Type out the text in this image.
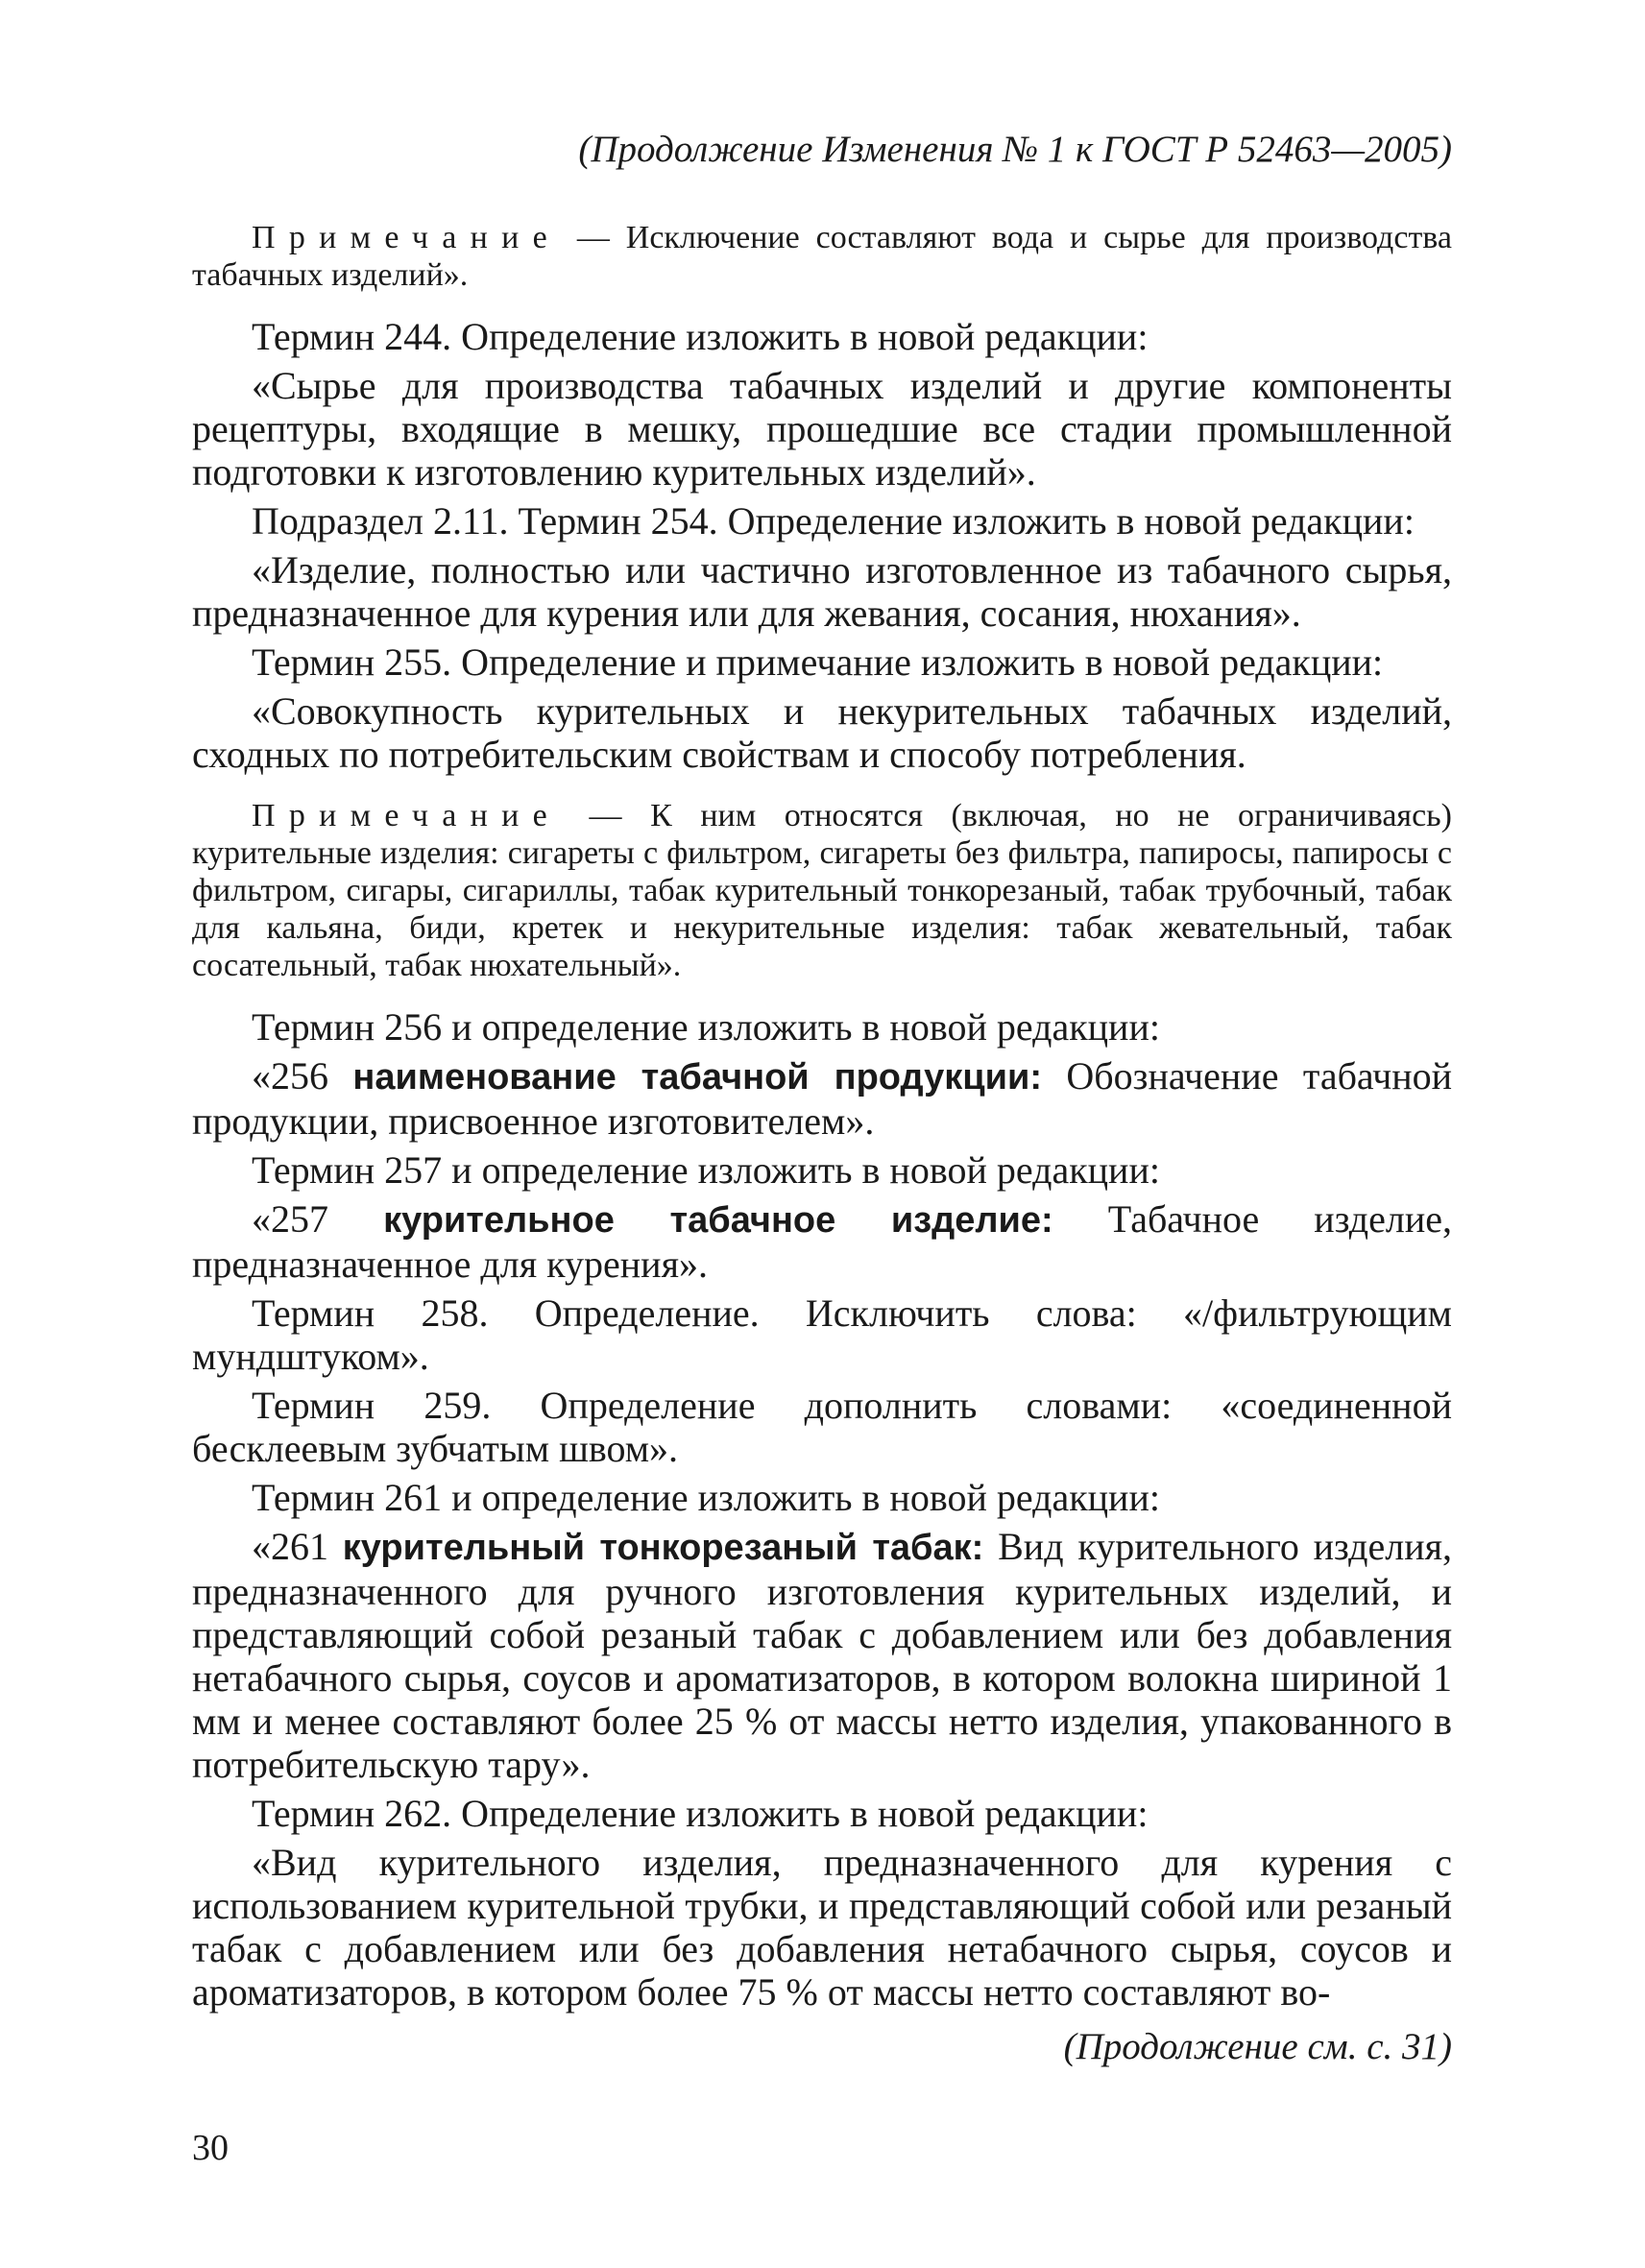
(Продолжение Изменения № 1 к ГОСТ Р 52463—2005)

Примечание — Исключение составляют вода и сырье для производства табачных изделий».

Термин 244. Определение изложить в новой редакции:

«Сырье для производства табачных изделий и другие компоненты рецептуры, входящие в мешку, прошедшие все стадии промышленной подготовки к изготовлению курительных изделий».

Подраздел 2.11. Термин 254. Определение изложить в новой редакции:

«Изделие, полностью или частично изготовленное из табачного сырья, предназначенное для курения или для жевания, сосания, нюхания».

Термин 255. Определение и примечание изложить в новой редакции:

«Совокупность курительных и некурительных табачных изделий, сходных по потребительским свойствам и способу потребления.

Примечание — К ним относятся (включая, но не ограничиваясь) курительные изделия: сигареты с фильтром, сигареты без фильтра, папиросы, папиросы с фильтром, сигары, сигариллы, табак курительный тонкорезаный, табак трубочный, табак для кальяна, биди, кретек и некурительные изделия: табак жевательный, табак сосательный, табак нюхательный».

Термин 256 и определение изложить в новой редакции:

«256 наименование табачной продукции: Обозначение табачной продукции, присвоенное изготовителем».

Термин 257 и определение изложить в новой редакции:

«257 курительное табачное изделие: Табачное изделие, предназначенное для курения».

Термин 258. Определение. Исключить слова: «/фильтрующим мундштуком».

Термин 259. Определение дополнить словами: «соединенной бесклеевым зубчатым швом».

Термин 261 и определение изложить в новой редакции:

«261 курительный тонкорезаный табак: Вид курительного изделия, предназначенного для ручного изготовления курительных изделий, и представляющий собой резаный табак с добавлением или без добавления нетабачного сырья, соусов и ароматизаторов, в котором волокна шириной 1 мм и менее составляют более 25 % от массы нетто изделия, упакованного в потребительскую тару».

Термин 262. Определение изложить в новой редакции:

«Вид курительного изделия, предназначенного для курения с использованием курительной трубки, и представляющий собой или резаный табак с добавлением или без добавления нетабачного сырья, соусов и ароматизаторов, в котором более 75 % от массы нетто составляют во-

(Продолжение см. с. 31)
30
